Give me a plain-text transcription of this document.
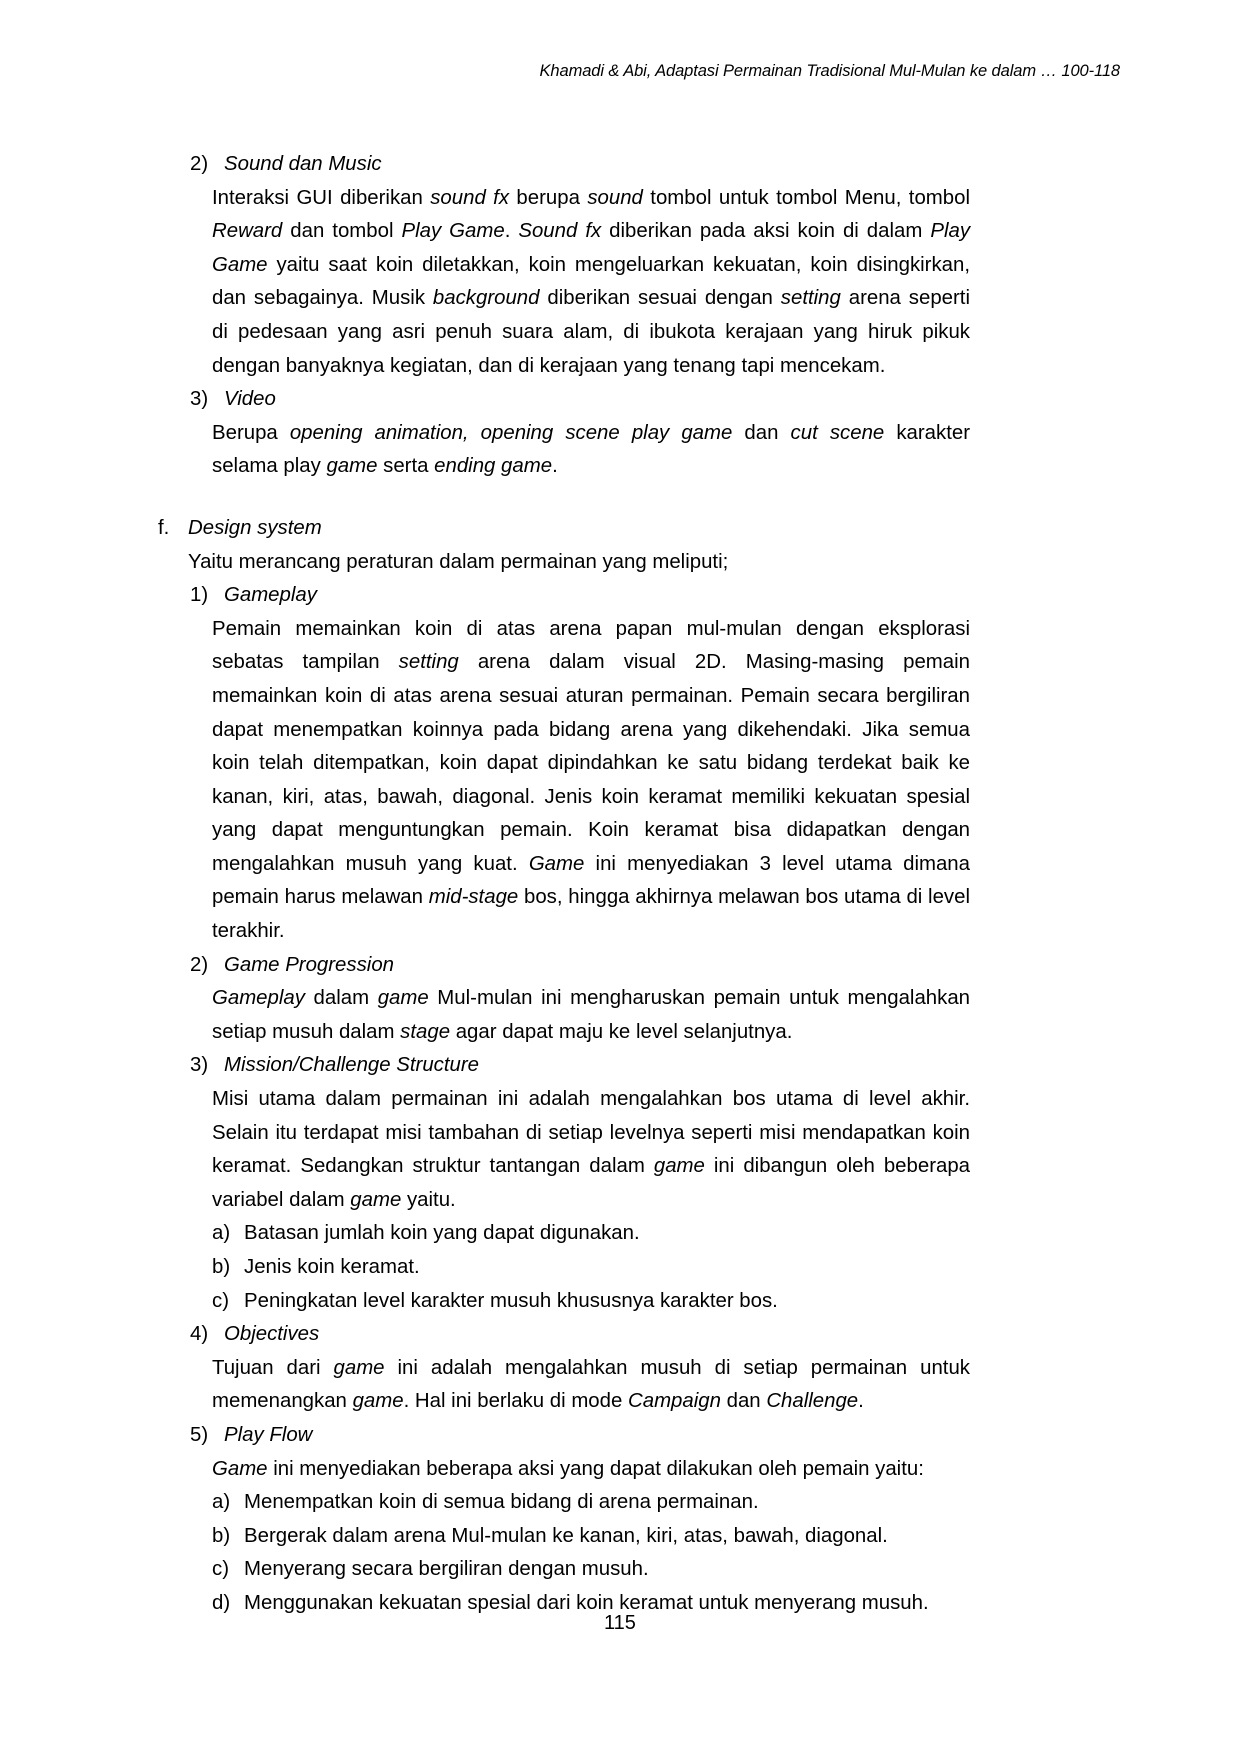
Khamadi & Abi, Adaptasi Permainan Tradisional Mul-Mulan ke dalam … 100-118
2) Sound dan Music
Interaksi GUI diberikan sound fx berupa sound tombol untuk tombol Menu, tombol Reward dan tombol Play Game. Sound fx diberikan pada aksi koin di dalam Play Game yaitu saat koin diletakkan, koin mengeluarkan kekuatan, koin disingkirkan, dan sebagainya. Musik background diberikan sesuai dengan setting arena seperti di pedesaan yang asri penuh suara alam, di ibukota kerajaan yang hiruk pikuk dengan banyaknya kegiatan, dan di kerajaan yang tenang tapi mencekam.
3) Video
Berupa opening animation, opening scene play game dan cut scene karakter selama play game serta ending game.
f. Design system
Yaitu merancang peraturan dalam permainan yang meliputi;
1) Gameplay
Pemain memainkan koin di atas arena papan mul-mulan dengan eksplorasi sebatas tampilan setting arena dalam visual 2D. Masing-masing pemain memainkan koin di atas arena sesuai aturan permainan. Pemain secara bergiliran dapat menempatkan koinnya pada bidang arena yang dikehendaki. Jika semua koin telah ditempatkan, koin dapat dipindahkan ke satu bidang terdekat baik ke kanan, kiri, atas, bawah, diagonal. Jenis koin keramat memiliki kekuatan spesial yang dapat menguntungkan pemain. Koin keramat bisa didapatkan dengan mengalahkan musuh yang kuat. Game ini menyediakan 3 level utama dimana pemain harus melawan mid-stage bos, hingga akhirnya melawan bos utama di level terakhir.
2) Game Progression
Gameplay dalam game Mul-mulan ini mengharuskan pemain untuk mengalahkan setiap musuh dalam stage agar dapat maju ke level selanjutnya.
3) Mission/Challenge Structure
Misi utama dalam permainan ini adalah mengalahkan bos utama di level akhir. Selain itu terdapat misi tambahan di setiap levelnya seperti misi mendapatkan koin keramat. Sedangkan struktur tantangan dalam game ini dibangun oleh beberapa variabel dalam game yaitu.
a) Batasan jumlah koin yang dapat digunakan.
b) Jenis koin keramat.
c) Peningkatan level karakter musuh khususnya karakter bos.
4) Objectives
Tujuan dari game ini adalah mengalahkan musuh di setiap permainan untuk memenangkan game. Hal ini berlaku di mode Campaign dan Challenge.
5) Play Flow
Game ini menyediakan beberapa aksi yang dapat dilakukan oleh pemain yaitu:
a) Menempatkan koin di semua bidang di arena permainan.
b) Bergerak dalam arena Mul-mulan ke kanan, kiri, atas, bawah, diagonal.
c) Menyerang secara bergiliran dengan musuh.
d) Menggunakan kekuatan spesial dari koin keramat untuk menyerang musuh.
115
